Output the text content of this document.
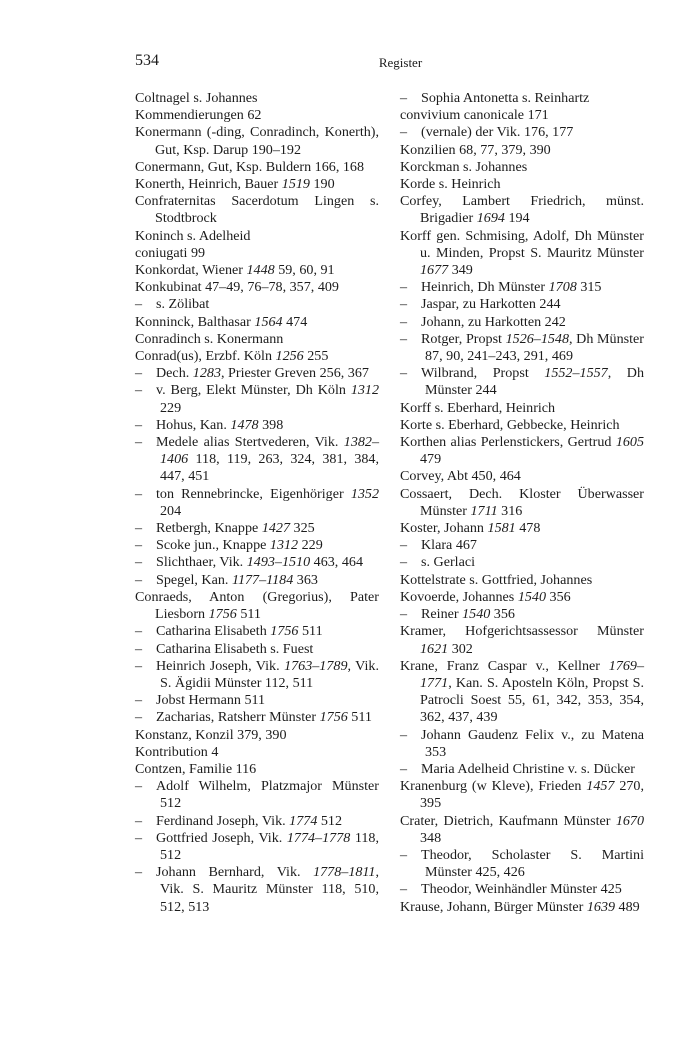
534	Register
Coltnagel s. Johannes
Kommendierungen 62
Konermann (-ding, Conradinch, Konerth), Gut, Ksp. Darup 190–192
Conermann, Gut, Ksp. Buldern 166, 168
Konerth, Heinrich, Bauer 1519 190
Confraternitas Sacerdotum Lingen s. Stodtbrock
Koninch s. Adelheid
coniugati 99
Konkordat, Wiener 1448 59, 60, 91
Konkubinat 47–49, 76–78, 357, 409
– s. Zölibat
Konninck, Balthasar 1564 474
Conradinch s. Konermann
Conrad(us), Erzbf. Köln 1256 255
– Dech. 1283, Priester Greven 256, 367
– v. Berg, Elekt Münster, Dh Köln 1312 229
– Hohus, Kan. 1478 398
– Medele alias Stertvederen, Vik. 1382–1406 118, 119, 263, 324, 381, 384, 447, 451
– ton Rennebrincke, Eigenhöriger 1352 204
– Retbergh, Knappe 1427 325
– Scoke jun., Knappe 1312 229
– Slichthaer, Vik. 1493–1510 463, 464
– Spegel, Kan. 1177–1184 363
Conraeds, Anton (Gregorius), Pater Liesborn 1756 511
– Catharina Elisabeth 1756 511
– Catharina Elisabeth s. Fuest
– Heinrich Joseph, Vik. 1763–1789, Vik. S. Ägidii Münster 112, 511
– Jobst Hermann 511
– Zacharias, Ratsherr Münster 1756 511
Konstanz, Konzil 379, 390
Kontribution 4
Contzen, Familie 116
– Adolf Wilhelm, Platzmajor Münster 512
– Ferdinand Joseph, Vik. 1774 512
– Gottfried Joseph, Vik. 1774–1778 118, 512
– Johann Bernhard, Vik. 1778–1811, Vik. S. Mauritz Münster 118, 510, 512, 513
– Sophia Antonetta s. Reinhartz
convivium canonicale 171
– (vernale) der Vik. 176, 177
Konzilien 68, 77, 379, 390
Korckman s. Johannes
Korde s. Heinrich
Corfey, Lambert Friedrich, münst. Brigadier 1694 194
Korff gen. Schmising, Adolf, Dh Münster u. Minden, Propst S. Mauritz Münster 1677 349
– Heinrich, Dh Münster 1708 315
– Jaspar, zu Harkotten 244
– Johann, zu Harkotten 242
– Rotger, Propst 1526–1548, Dh Münster 87, 90, 241–243, 291, 469
– Wilbrand, Propst 1552–1557, Dh Münster 244
Korff s. Eberhard, Heinrich
Korte s. Eberhard, Gebbecke, Heinrich
Korthen alias Perlenstickers, Gertrud 1605 479
Corvey, Abt 450, 464
Cossaert, Dech. Kloster Überwasser Münster 1711 316
Koster, Johann 1581 478
– Klara 467
– s. Gerlaci
Kottelstrate s. Gottfried, Johannes
Kovoerde, Johannes 1540 356
– Reiner 1540 356
Kramer, Hofgerichtsassessor Münster 1621 302
Krane, Franz Caspar v., Kellner 1769–1771, Kan. S. Aposteln Köln, Propst S. Patrocli Soest 55, 61, 342, 353, 354, 362, 437, 439
– Johann Gaudenz Felix v., zu Matena 353
– Maria Adelheid Christine v. s. Dücker
Kranenburg (w Kleve), Frieden 1457 270, 395
Crater, Dietrich, Kaufmann Münster 1670 348
– Theodor, Scholaster S. Martini Münster 425, 426
– Theodor, Weinhändler Münster 425
Krause, Johann, Bürger Münster 1639 489
